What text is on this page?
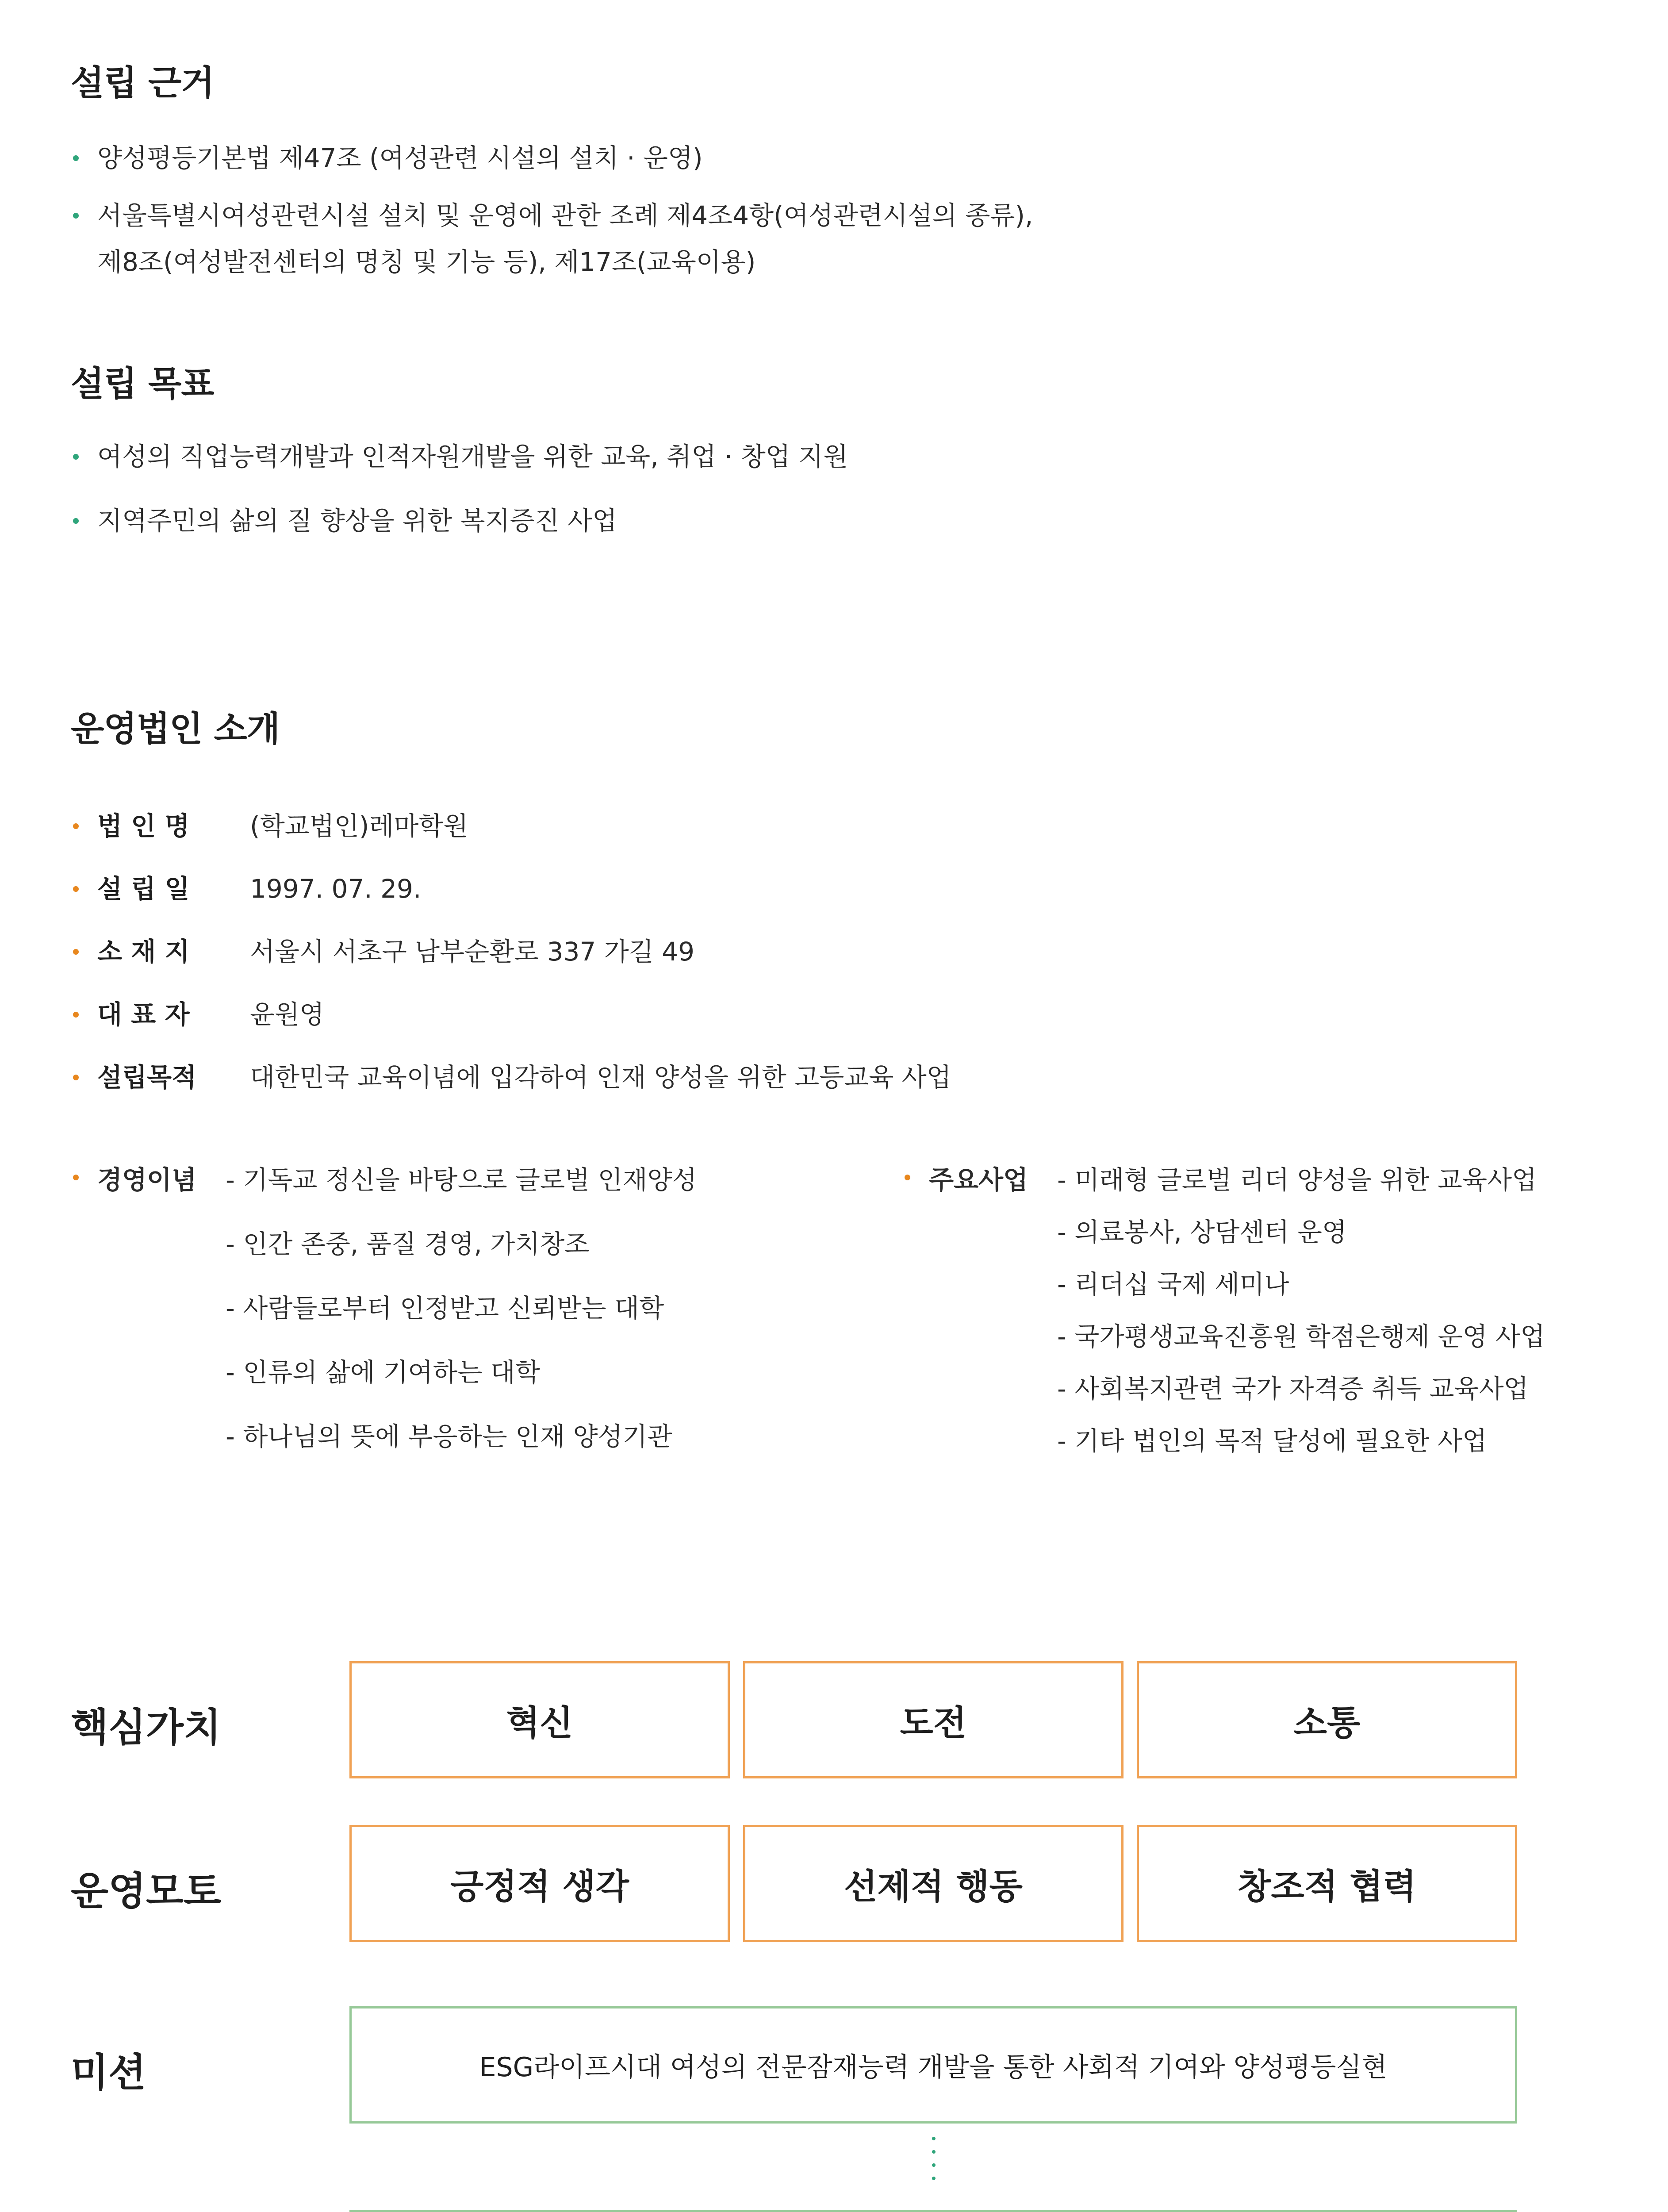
설립 근거
양성평등기본법 제47조 (여성관련 시설의 설치 · 운영)
서울특별시여성관련시설 설치 및 운영에 관한 조례 제4조4항(여성관련시설의 종류),
제8조(여성발전센터의 명칭 및 기능 등), 제17조(교육이용)
설립 목표
여성의 직업능력개발과 인적자원개발을 위한 교육, 취업 · 창업 지원
지역주민의 삶의 질 향상을 위한 복지증진 사업
운영법인 소개
법 인 명 (학교법인)레마학원
설 립 일 1997. 07. 29.
소 재 지 서울시 서초구 남부순환로 337 가길 49
대 표 자 윤원영
설립목적 대한민국 교육이념에 입각하여 인재 양성을 위한 고등교육 사업
경영이념 - 기독교 정신을 바탕으로 글로벌 인재양성
- 인간 존중, 품질 경영, 가치창조
- 사람들로부터 인정받고 신뢰받는 대학
- 인류의 삶에 기여하는 대학
- 하나님의 뜻에 부응하는 인재 양성기관
주요사업 - 미래형 글로벌 리더 양성을 위한 교육사업
- 의료봉사, 상담센터 운영
- 리더십 국제 세미나
- 국가평생교육진흥원 학점은행제 운영 사업
- 사회복지관련 국가 자격증 취득 교육사업
- 기타 법인의 목적 달성에 필요한 사업
핵심가치	혁신	도전	소통
운영모토	긍정적 생각	선제적 행동	창조적 협력
미션	ESG라이프시대 여성의 전문잠재능력 개발을 통한 사회적 기여와 양성평등실현
